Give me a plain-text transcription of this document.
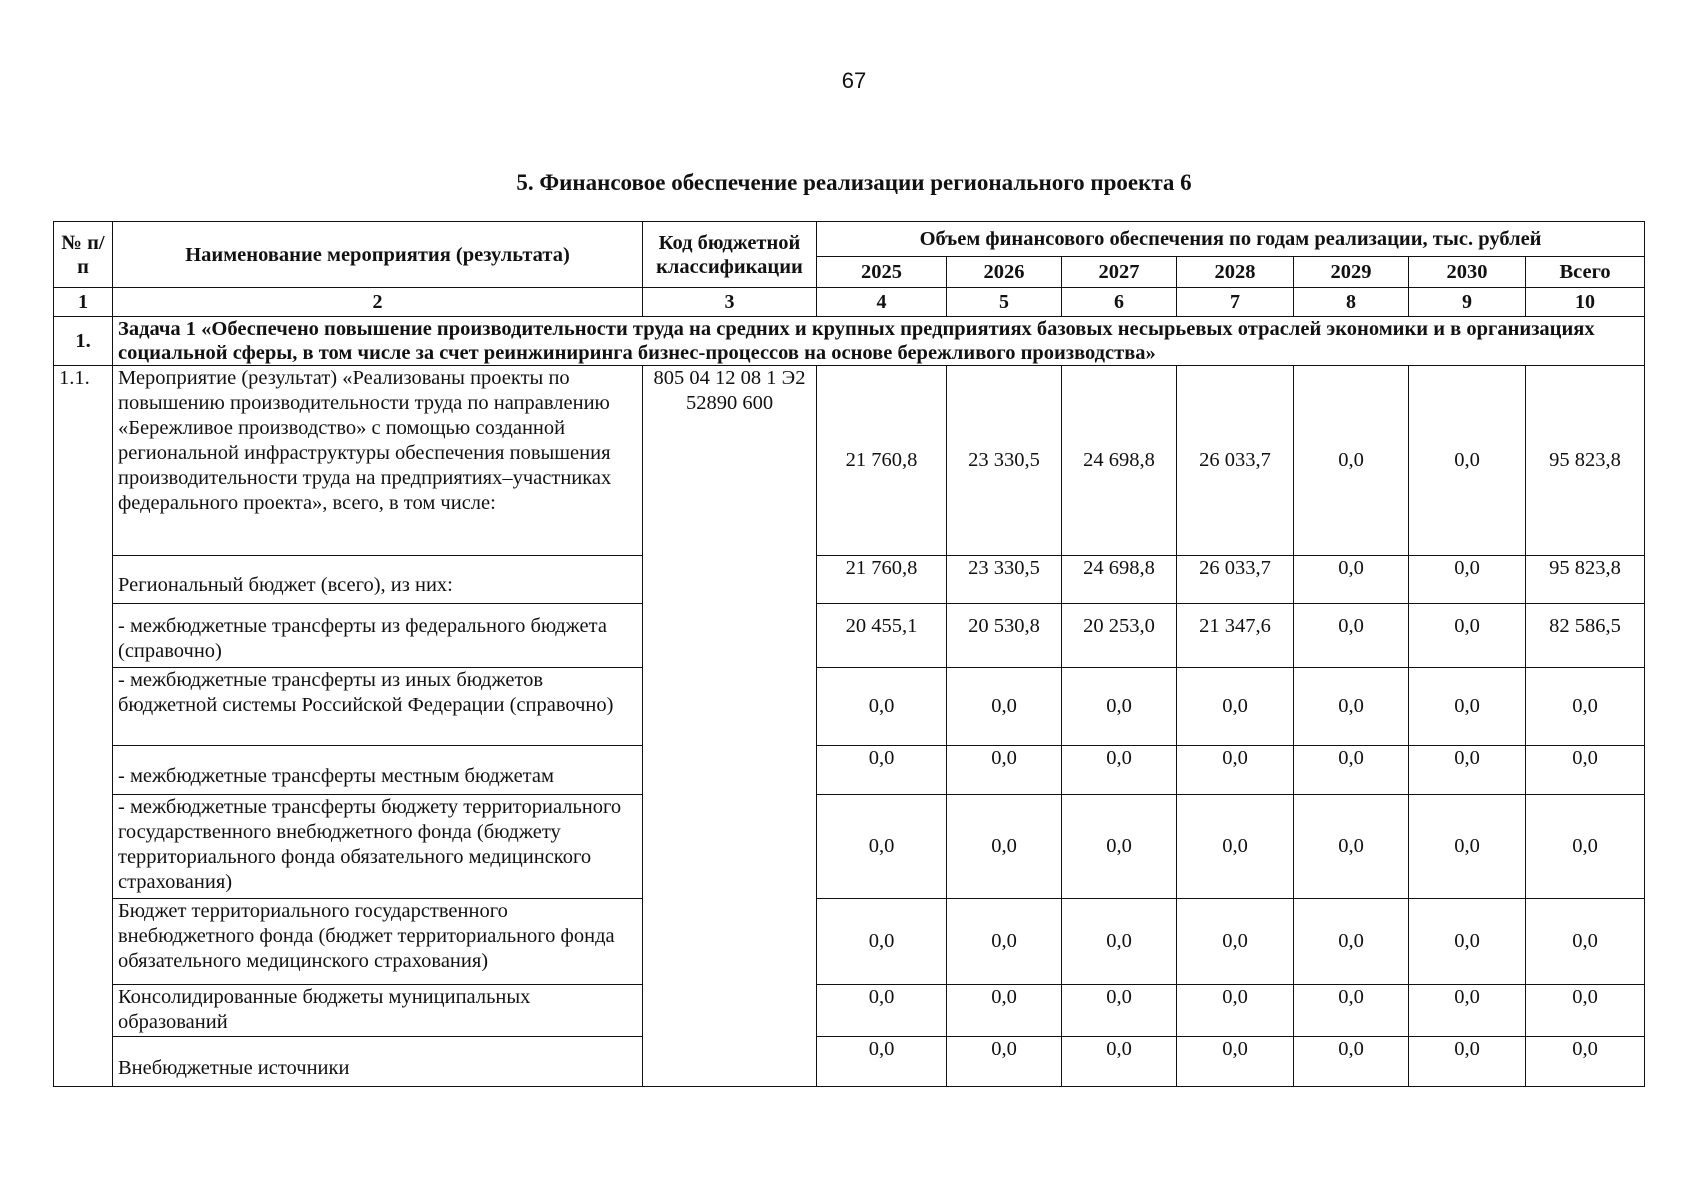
67
5. Финансовое обеспечение реализации регионального проекта 6
№ п/п	Наименование мероприятия (результата)	Код бюджетной классификации	Объем финансового обеспечения по годам реализации, тыс. рублей						
			2025	2026	2027	2028	2029	2030	Всего
1	2	3	4	5	6	7	8	9	10
1.	Задача 1 «Обеспечено повышение производительности труда на средних и крупных предприятиях базовых несырьевых отраслей экономики и в организациях социальной сферы, в том числе за счет реинжиниринга бизнес-процессов на основе бережливого производства»								
1.1.	Мероприятие (результат) «Реализованы проекты по повышению производительности труда по направлению «Бережливое производство» с помощью созданной региональной инфраструктуры обеспечения повышения производительности труда на предприятиях–участниках федерального проекта», всего, в том числе:	805 04 12 08 1 Э2 52890 600	21 760,8	23 330,5	24 698,8	26 033,7	0,0	0,0	95 823,8
	Региональный бюджет (всего), из них:		21 760,8	23 330,5	24 698,8	26 033,7	0,0	0,0	95 823,8
	- межбюджетные трансферты из федерального бюджета (справочно)		20 455,1	20 530,8	20 253,0	21 347,6	0,0	0,0	82 586,5
	- межбюджетные трансферты из иных бюджетов бюджетной системы Российской Федерации (справочно)		0,0	0,0	0,0	0,0	0,0	0,0	0,0
	- межбюджетные трансферты местным бюджетам		0,0	0,0	0,0	0,0	0,0	0,0	0,0
	- межбюджетные трансферты бюджету территориального государственного внебюджетного фонда (бюджету территориального фонда обязательного медицинского страхования)		0,0	0,0	0,0	0,0	0,0	0,0	0,0
	Бюджет территориального государственного внебюджетного фонда (бюджет территориального фонда обязательного медицинского страхования)		0,0	0,0	0,0	0,0	0,0	0,0	0,0
	Консолидированные бюджеты муниципальных образований		0,0	0,0	0,0	0,0	0,0	0,0	0,0
	Внебюджетные источники		0,0	0,0	0,0	0,0	0,0	0,0	0,0
